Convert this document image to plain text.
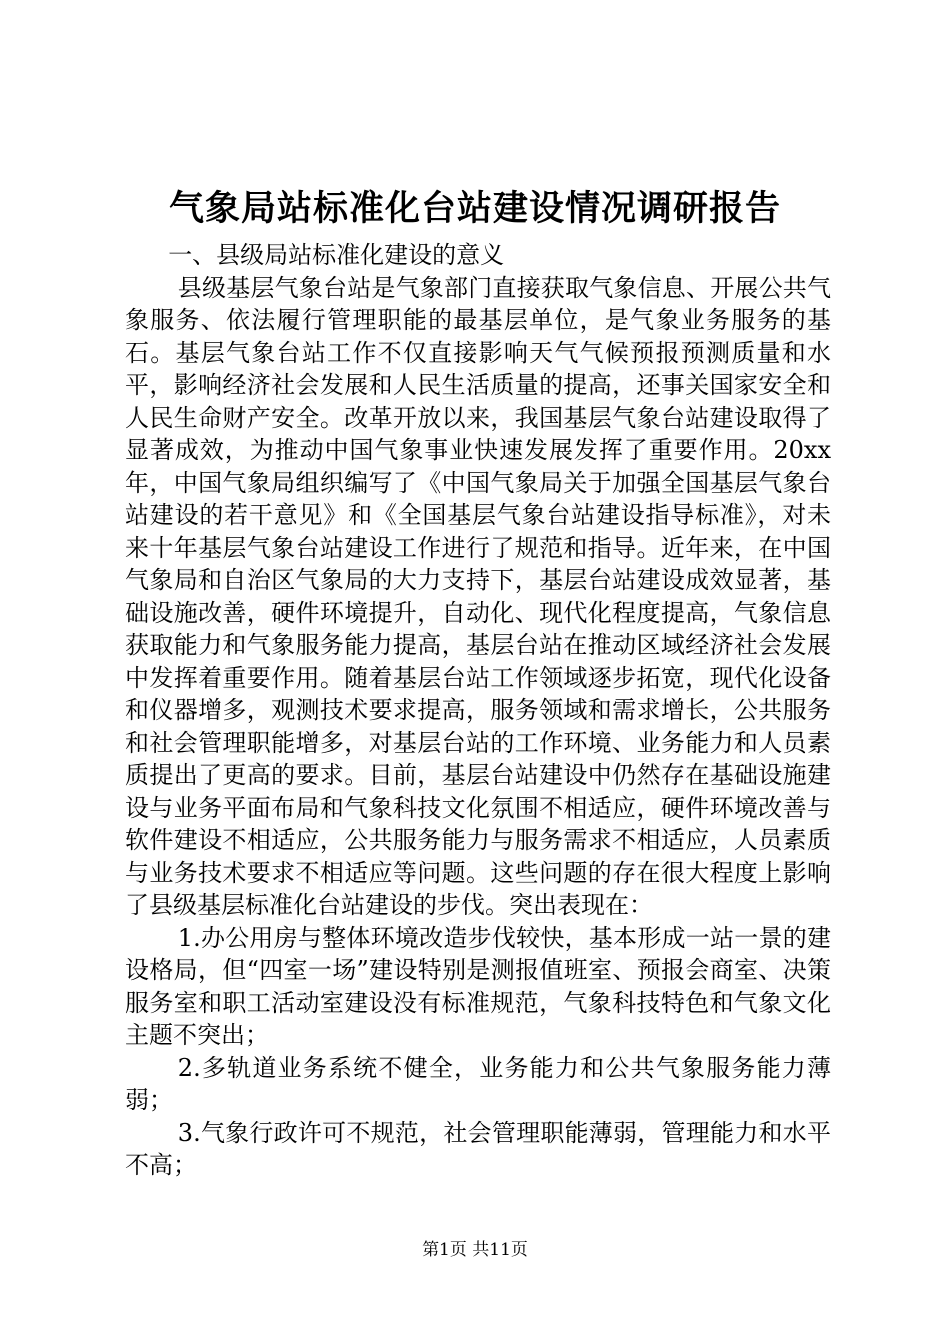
气象局站标准化台站建设情况调研报告

一、县级局站标准化建设的意义

县级基层气象台站是气象部门直接获取气象信息、开展公共气象服务、依法履行管理职能的最基层单位，是气象业务服务的基石。基层气象台站工作不仅直接影响天气气候预报预测质量和水平，影响经济社会发展和人民生活质量的提高，还事关国家安全和人民生命财产安全。改革开放以来，我国基层气象台站建设取得了显著成效，为推动中国气象事业快速发展发挥了重要作用。20xx年，中国气象局组织编写了《中国气象局关于加强全国基层气象台站建设的若干意见》和《全国基层气象台站建设指导标准》，对未来十年基层气象台站建设工作进行了规范和指导。近年来，在中国气象局和自治区气象局的大力支持下，基层台站建设成效显著，基础设施改善，硬件环境提升，自动化、现代化程度提高，气象信息获取能力和气象服务能力提高，基层台站在推动区域经济社会发展中发挥着重要作用。随着基层台站工作领域逐步拓宽，现代化设备和仪器增多，观测技术要求提高，服务领域和需求增长，公共服务和社会管理职能增多，对基层台站的工作环境、业务能力和人员素质提出了更高的要求。目前，基层台站建设中仍然存在基础设施建设与业务平面布局和气象科技文化氛围不相适应，硬件环境改善与软件建设不相适应，公共服务能力与服务需求不相适应，人员素质与业务技术要求不相适应等问题。这些问题的存在很大程度上影响了县级基层标准化台站建设的步伐。突出表现在：

1.办公用房与整体环境改造步伐较快，基本形成一站一景的建设格局，但“四室一场”建设特别是测报值班室、预报会商室、决策服务室和职工活动室建设没有标准规范，气象科技特色和气象文化主题不突出；

2.多轨道业务系统不健全，业务能力和公共气象服务能力薄弱；

3.气象行政许可不规范，社会管理职能薄弱，管理能力和水平不高；

第1页 共11页
